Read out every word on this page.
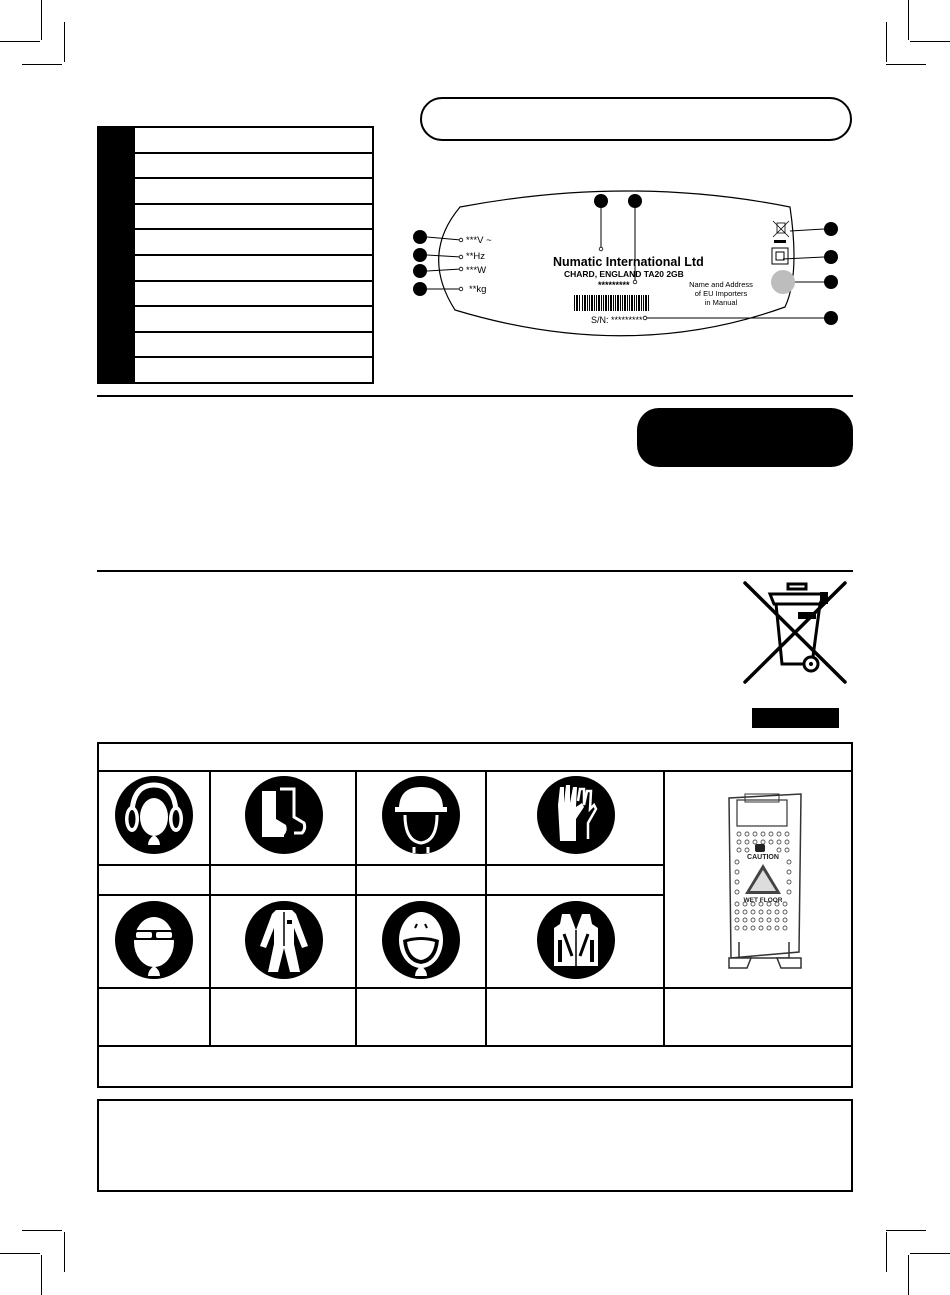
***V ~
**Hz
***W
**kg
Numatic International Ltd
CHARD, ENGLAND TA20 2GB
*********
S/N: *********
Name and Address
of EU Importers
in Manual
CAUTION
WET FLOOR
